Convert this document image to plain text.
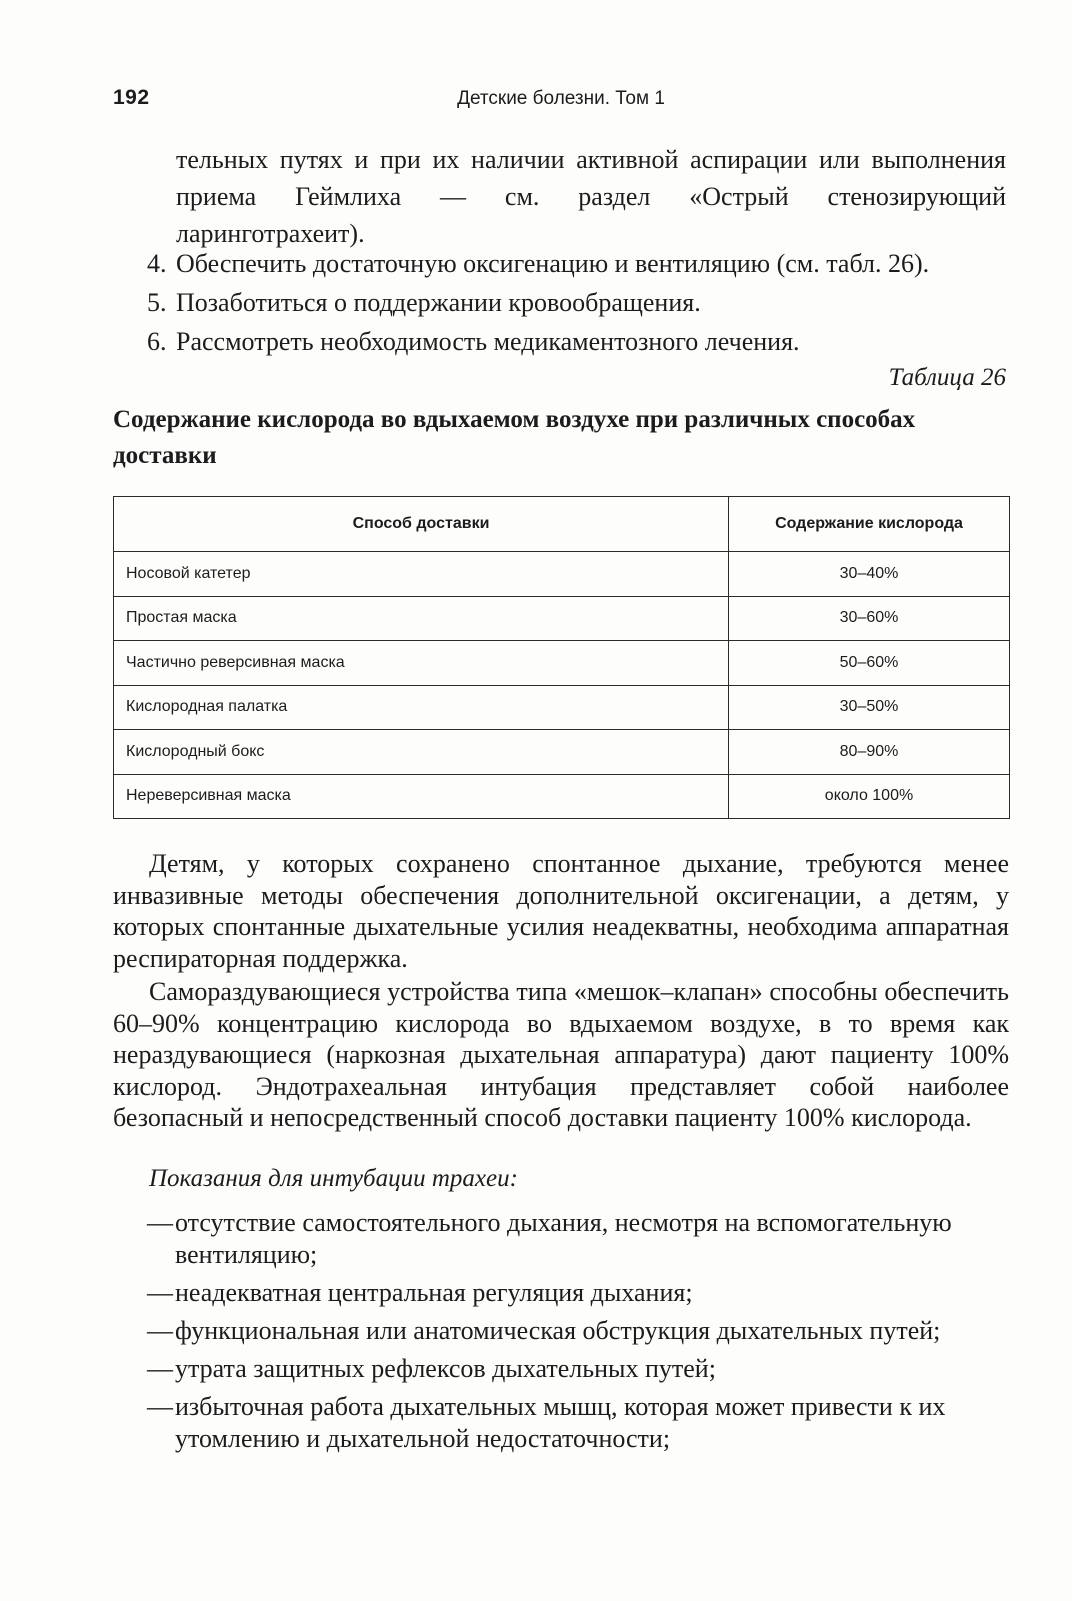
192	Детские болезни. Том 1
тельных путях и при их наличии активной аспирации или выполнения приема Геймлиха — см. раздел «Острый стенозирующий ларинготрахеит).
4. Обеспечить достаточную оксигенацию и вентиляцию (см. табл. 26).
5. Позаботиться о поддержании кровообращения.
6. Рассмотреть необходимость медикаментозного лечения.
Таблица 26
Содержание кислорода во вдыхаемом воздухе при различных способах доставки
Способ доставки	Содержание кислорода
Носовой катетер	30–40%
Простая маска	30–60%
Частично реверсивная маска	50–60%
Кислородная палатка	30–50%
Кислородный бокс	80–90%
Нереверсивная маска	около 100%

Детям, у которых сохранено спонтанное дыхание, требуются менее инвазивные методы обеспечения дополнительной оксигенации, а детям, у которых спонтанные дыхательные усилия неадекватны, необходима аппаратная респираторная поддержка.

Самораздувающиеся устройства типа «мешок–клапан» способны обеспечить 60–90% концентрацию кислорода во вдыхаемом воздухе, в то время как нераздувающиеся (наркозная дыхательная аппаратура) дают пациенту 100% кислород. Эндотрахеальная интубация представляет собой наиболее безопасный и непосредственный способ доставки пациенту 100% кислорода.

Показания для интубации трахеи:

— отсутствие самостоятельного дыхания, несмотря на вспомогательную вентиляцию;
— неадекватная центральная регуляция дыхания;
— функциональная или анатомическая обструкция дыхательных путей;
— утрата защитных рефлексов дыхательных путей;
— избыточная работа дыхательных мышц, которая может привести к их утомлению и дыхательной недостаточности;
